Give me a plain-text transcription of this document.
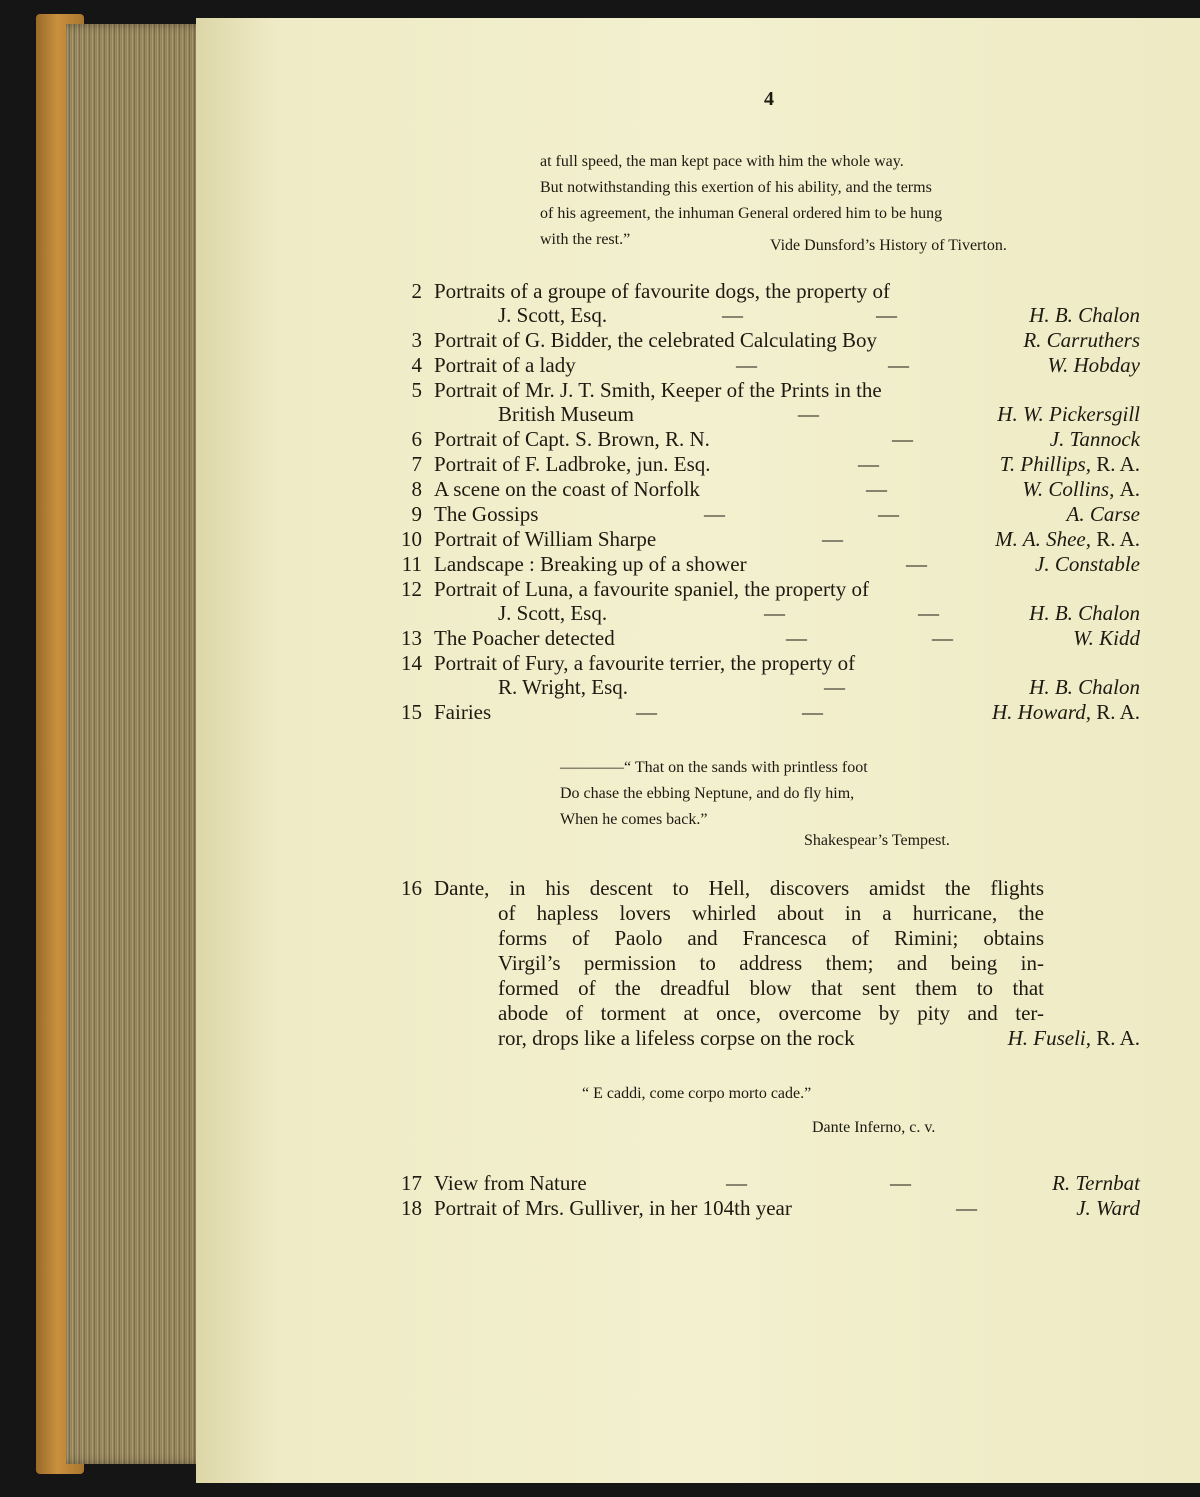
4
at full speed, the man kept pace with him the whole way.
But notwithstanding this exertion of his ability, and the terms
of his agreement, the inhuman General ordered him to be hung
with the rest.”	Vide Dunsford’s History of Tiverton.
2 Portraits of a groupe of favourite dogs, the property of
J. Scott, Esq.	—	—	H. B. Chalon
3 Portrait of G. Bidder, the celebrated Calculating Boy	R. Carruthers
4 Portrait of a lady	—	—	W. Hobday
5 Portrait of Mr. J. T. Smith, Keeper of the Prints in the
British Museum	—	H. W. Pickersgill
6 Portrait of Capt. S. Brown, R. N.	—	J. Tannock
7 Portrait of F. Ladbroke, jun. Esq.	—	T. Phillips, R. A.
8 A scene on the coast of Norfolk	—	W. Collins, A.
9 The Gossips	—	—	A. Carse
10 Portrait of William Sharpe	—	M. A. Shee, R. A.
11 Landscape : Breaking up of a shower	—	J. Constable
12 Portrait of Luna, a favourite spaniel, the property of
J. Scott, Esq.	—	—	H. B. Chalon
13 The Poacher detected	—	—	W. Kidd
14 Portrait of Fury, a favourite terrier, the property of
R. Wright, Esq.	—	H. B. Chalon
15 Fairies	—	—	H. Howard, R. A.
————“ That on the sands with printless foot
Do chase the ebbing Neptune, and do fly him,
When he comes back.”
Shakespear’s Tempest.
16 Dante, in his descent to Hell, discovers amidst the flights
of hapless lovers whirled about in a hurricane, the
forms of Paolo and Francesca of Rimini; obtains
Virgil’s permission to address them; and being in-
formed of the dreadful blow that sent them to that
abode of torment at once, overcome by pity and ter-
ror, drops like a lifeless corpse on the rock	H. Fuseli, R. A.
“ E caddi, come corpo morto cade.”
Dante Inferno, c. v.
17 View from Nature	—	—	R. Ternbat
18 Portrait of Mrs. Gulliver, in her 104th year	—	J. Ward
